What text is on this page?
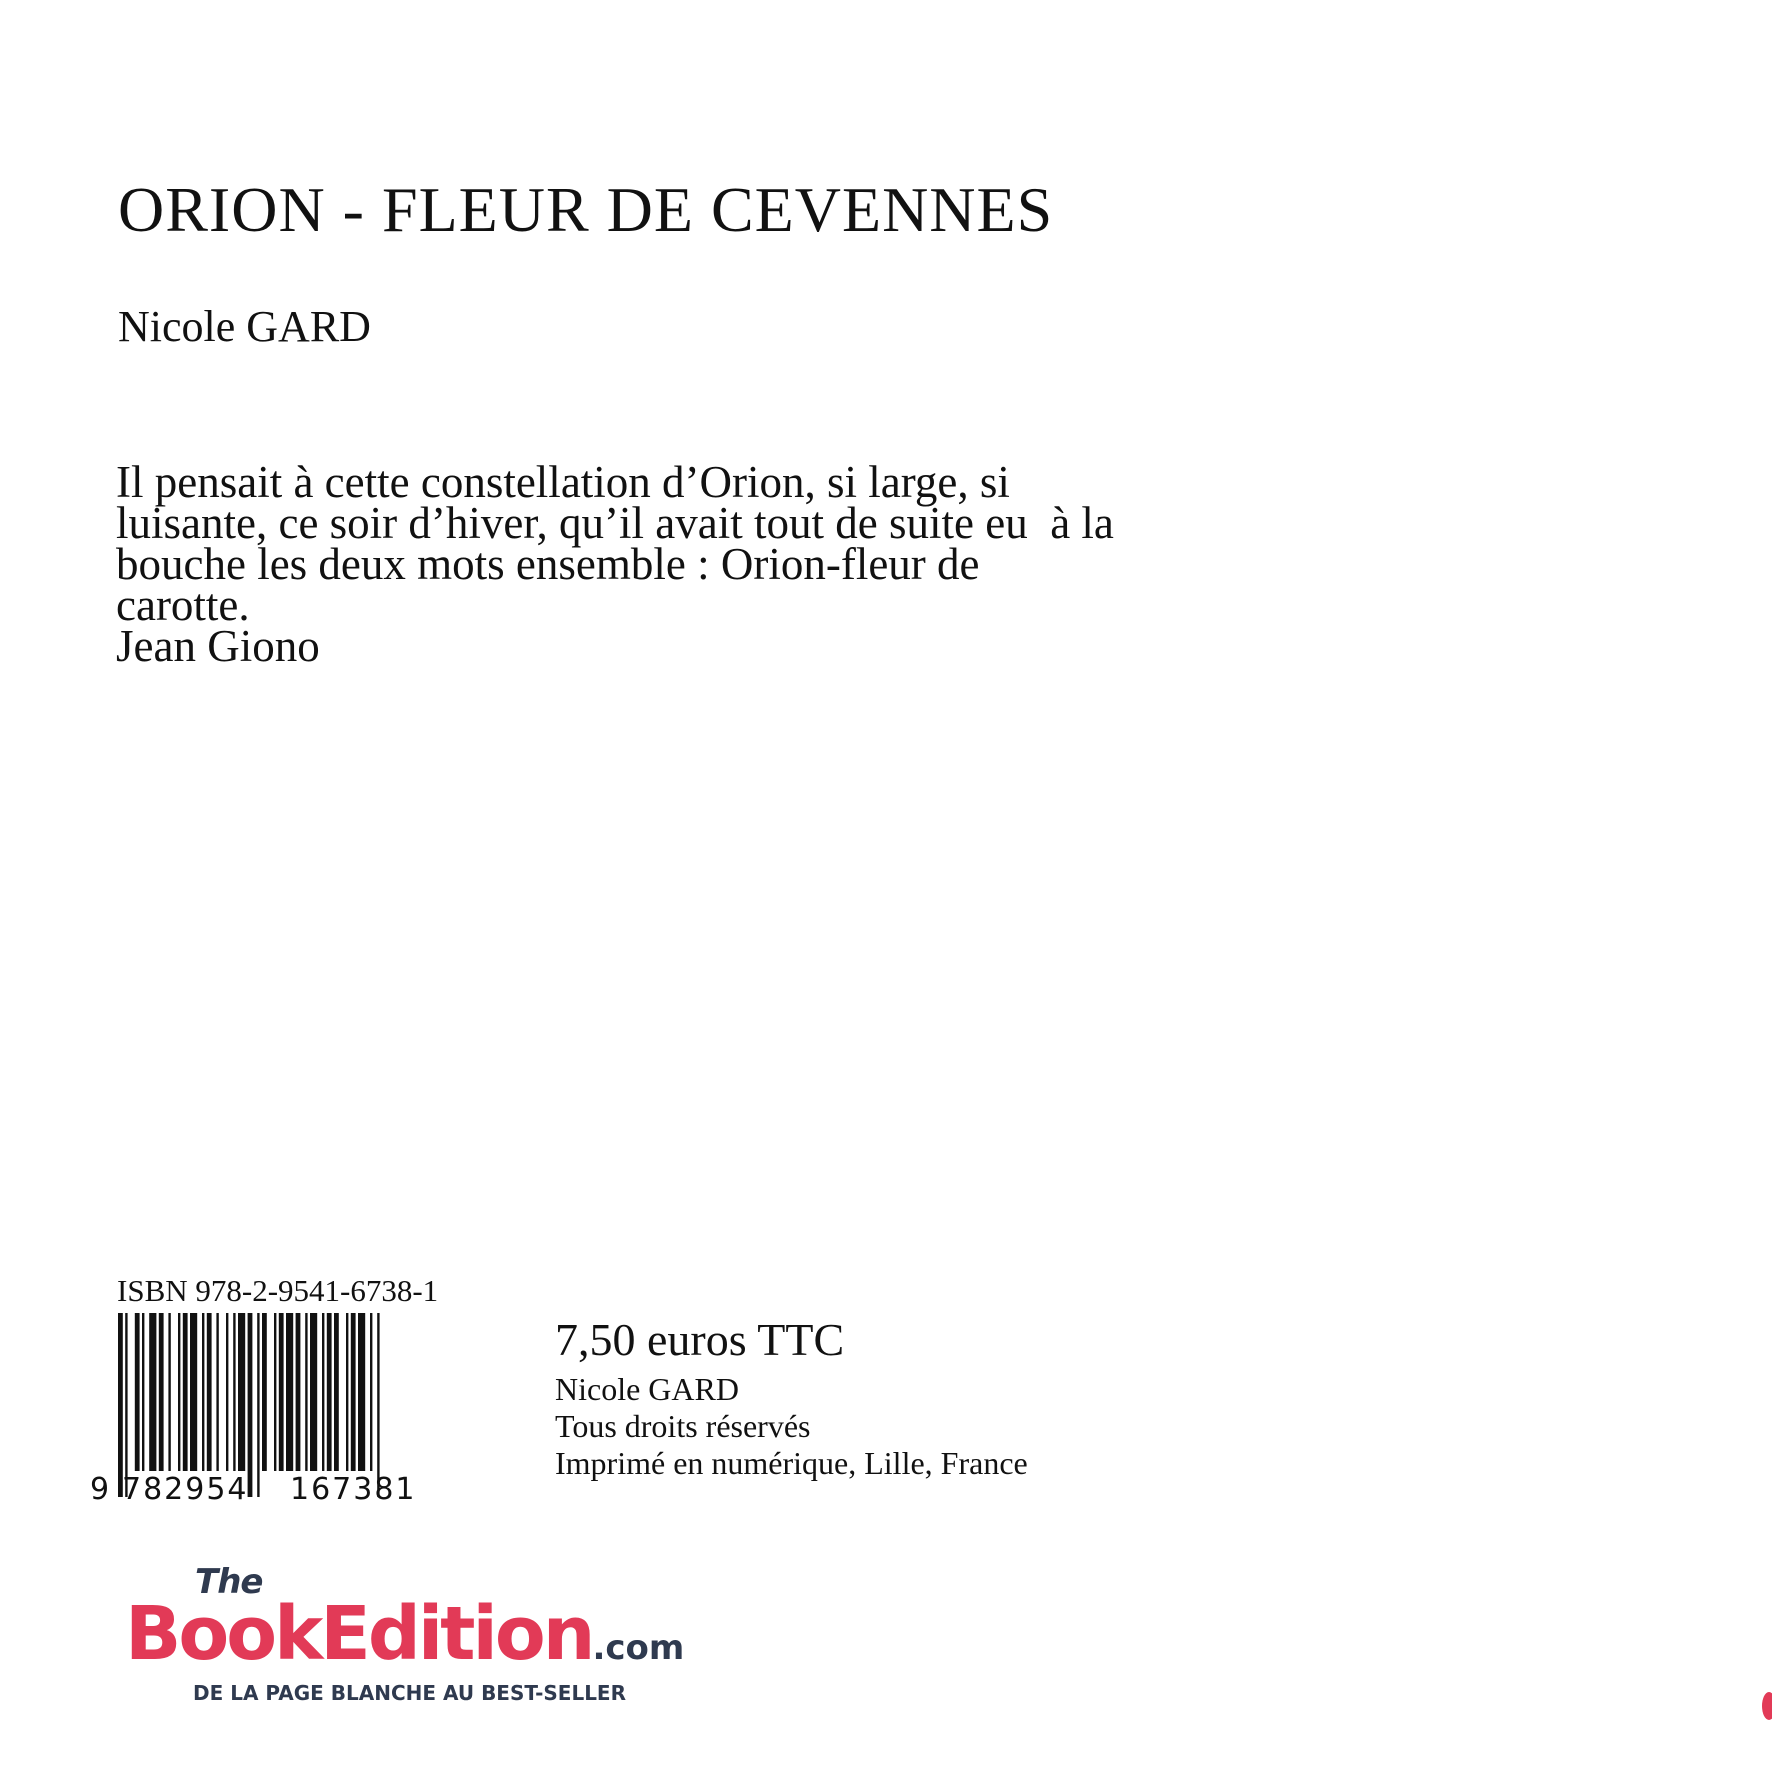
ORION - FLEUR DE CEVENNES
Nicole GARD
Il pensait à cette constellation d’Orion, si large, si
luisante, ce soir d’hiver, qu’il avait tout de suite eu  à la
bouche les deux mots ensemble : Orion-fleur de
carotte.
Jean Giono
ISBN 978-2-9541-6738-1
9 782954 167381
7,50 euros TTC
Nicole GARD
Tous droits réservés
Imprimé en numérique, Lille, France
The
BookEdition.com
DE LA PAGE BLANCHE AU BEST-SELLER
